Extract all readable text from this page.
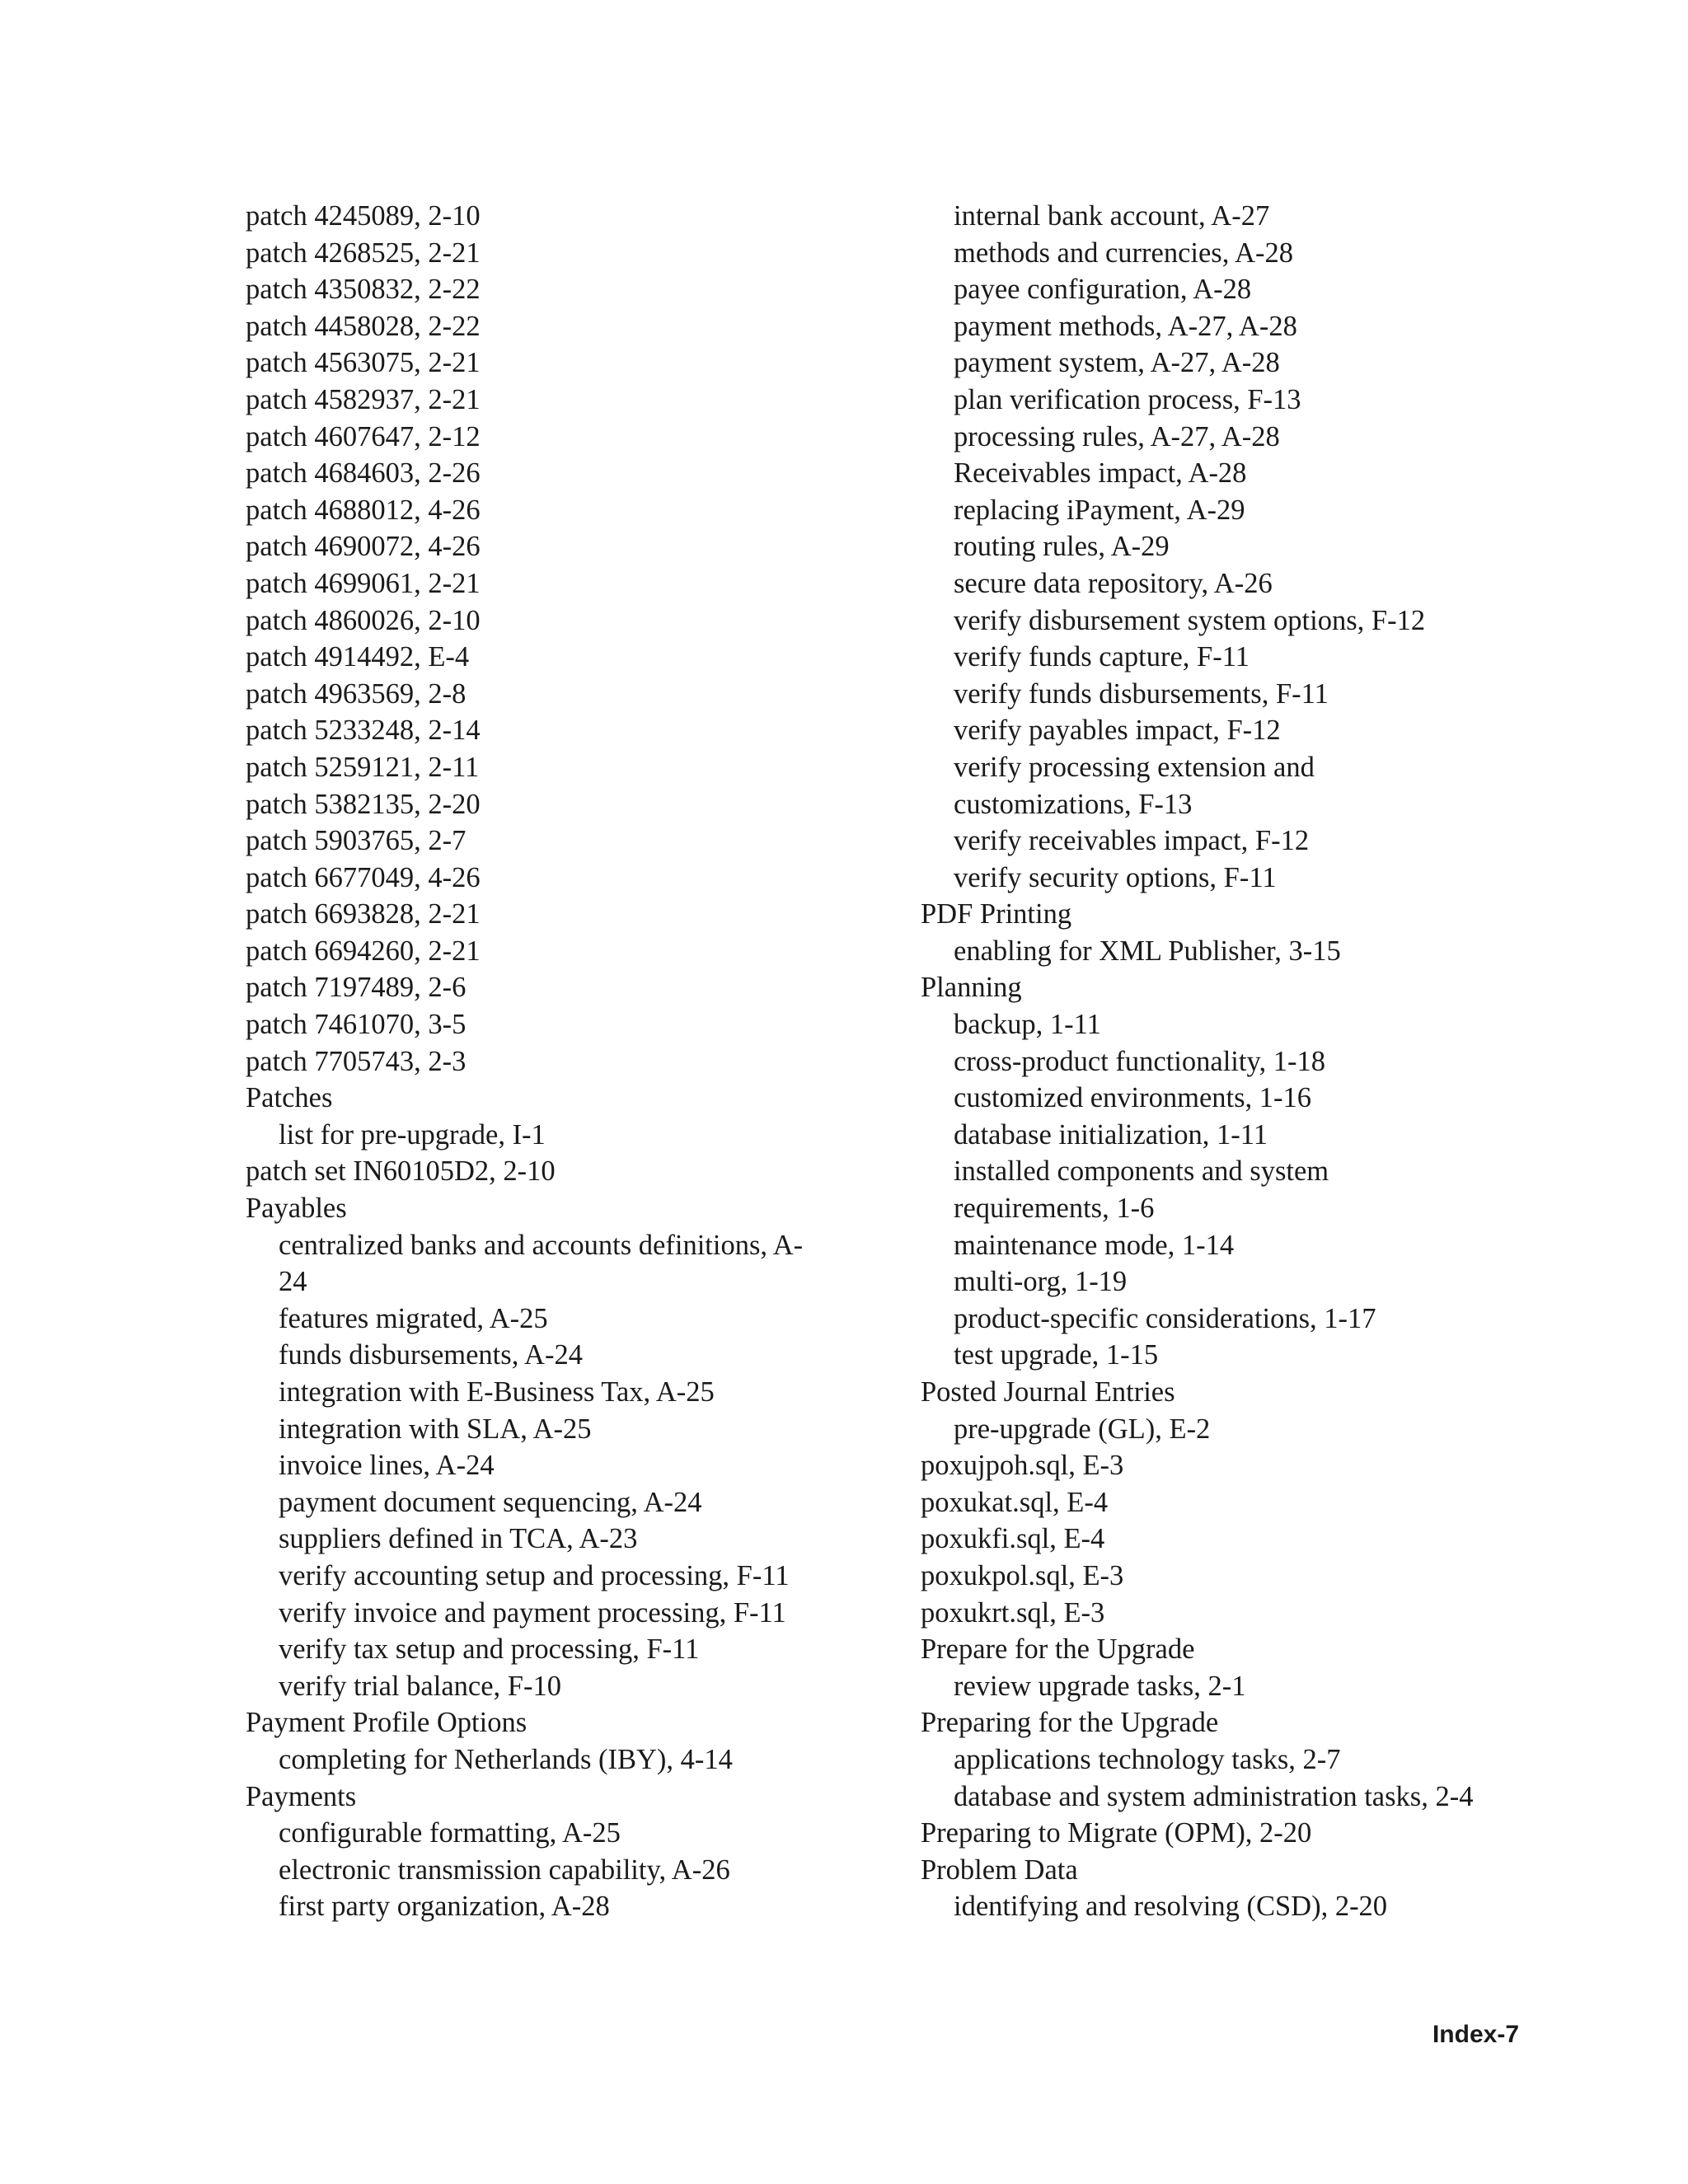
patch 4245089, 2-10
patch 4268525, 2-21
patch 4350832, 2-22
patch 4458028, 2-22
patch 4563075, 2-21
patch 4582937, 2-21
patch 4607647, 2-12
patch 4684603, 2-26
patch 4688012, 4-26
patch 4690072, 4-26
patch 4699061, 2-21
patch 4860026, 2-10
patch 4914492, E-4
patch 4963569, 2-8
patch 5233248, 2-14
patch 5259121, 2-11
patch 5382135, 2-20
patch 5903765, 2-7
patch 6677049, 4-26
patch 6693828, 2-21
patch 6694260, 2-21
patch 7197489, 2-6
patch 7461070, 3-5
patch 7705743, 2-3
Patches
list for pre-upgrade, I-1
patch set IN60105D2, 2-10
Payables
centralized banks and accounts definitions, A-
24
features migrated, A-25
funds disbursements, A-24
integration with E-Business Tax, A-25
integration with SLA, A-25
invoice lines, A-24
payment document sequencing, A-24
suppliers defined in TCA, A-23
verify accounting setup and processing, F-11
verify invoice and payment processing, F-11
verify tax setup and processing, F-11
verify trial balance, F-10
Payment Profile Options
completing for Netherlands (IBY), 4-14
Payments
configurable formatting, A-25
electronic transmission capability, A-26
first party organization, A-28
internal bank account, A-27
methods and currencies, A-28
payee configuration, A-28
payment methods, A-27, A-28
payment system, A-27, A-28
plan verification process, F-13
processing rules, A-27, A-28
Receivables impact, A-28
replacing iPayment, A-29
routing rules, A-29
secure data repository, A-26
verify disbursement system options, F-12
verify funds capture, F-11
verify funds disbursements, F-11
verify payables impact, F-12
verify processing extension and
customizations, F-13
verify receivables impact, F-12
verify security options, F-11
PDF Printing
enabling for XML Publisher, 3-15
Planning
backup, 1-11
cross-product functionality, 1-18
customized environments, 1-16
database initialization, 1-11
installed components and system
requirements, 1-6
maintenance mode, 1-14
multi-org, 1-19
product-specific considerations, 1-17
test upgrade, 1-15
Posted Journal Entries
pre-upgrade (GL), E-2
poxujpoh.sql, E-3
poxukat.sql, E-4
poxukfi.sql, E-4
poxukpol.sql, E-3
poxukrt.sql, E-3
Prepare for the Upgrade
review upgrade tasks, 2-1
Preparing for the Upgrade
applications technology tasks, 2-7
database and system administration tasks, 2-4
Preparing to Migrate (OPM), 2-20
Problem Data
identifying and resolving (CSD), 2-20
Index-7
